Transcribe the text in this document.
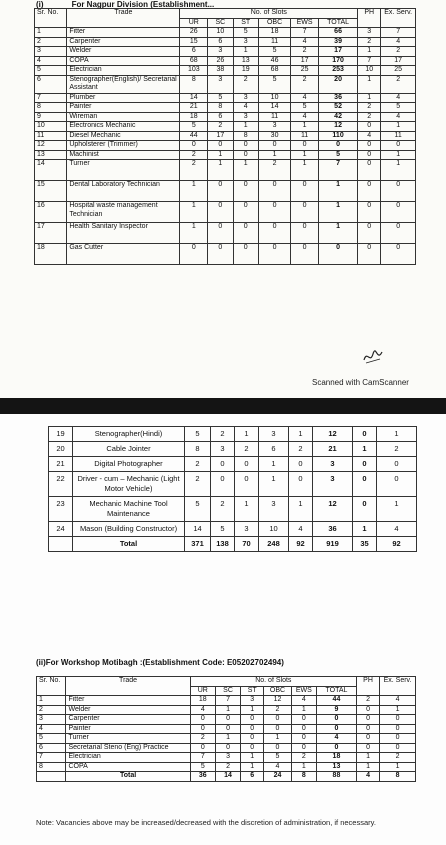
(i)	For Nagpur Division (Establishment...
Sr. No.	Trade	No. of Slots						PH	Ex. Serv.
		UR	SC	ST	OBC	EWS	TOTAL		
1	Fitter	26	10	5	18	7	66	3	7
2	Carpenter	15	6	3	11	4	39	2	4
3	Welder	6	3	1	5	2	17	1	2
4	COPA	68	26	13	46	17	170	7	17
5	Electrician	103	38	19	68	25	253	10	25
6	Stenographer(English)/ Secretarial Assistant	8	3	2	5	2	20	1	2
7	Plumber	14	5	3	10	4	36	1	4
8	Painter	21	8	4	14	5	52	2	5
9	Wireman	18	6	3	11	4	42	2	4
10	Electronics Mechanic	5	2	1	3	1	12	0	1
11	Diesel Mechanic	44	17	8	30	11	110	4	11
12	Upholsterer (Trimmer)	0	0	0	0	0	0	0	0
13	Machinist	2	1	0	1	1	5	0	1
14	Turner	2	1	1	2	1	7	0	1
15	Dental Laboratory Technician	1	0	0	0	0	1	0	0
16	Hospital waste management Technician	1	0	0	0	0	1	0	0
17	Health Sanitary Inspector	1	0	0	0	0	1	0	0
18	Gas Cutter	0	0	0	0	0	0	0	0
Scanned with CamScanner
19	Stenographer(Hindi)	5	2	1	3	1	12	0	1
20	Cable Jointer	8	3	2	6	2	21	1	2
21	Digital Photographer	2	0	0	1	0	3	0	0
22	Driver - cum – Mechanic (Light Motor Vehicle)	2	0	0	1	0	3	0	0
23	Mechanic Machine Tool Maintenance	5	2	1	3	1	12	0	1
24	Mason (Building Constructor)	14	5	3	10	4	36	1	4
	Total	371	138	70	248	92	919	35	92
(ii)For Workshop Motibagh :(Establishment Code: E05202702494)
Sr. No.	Trade	No. of Slots						PH	Ex. Serv.
		UR	SC	ST	OBC	EWS	TOTAL		
1	Fitter	18	7	3	12	4	44	2	4
2	Welder	4	1	1	2	1	9	0	1
3	Carpenter	0	0	0	0	0	0	0	0
4	Painter	0	0	0	0	0	0	0	0
5	Turner	2	1	0	1	0	4	0	0
6	Secretarial Steno (Eng) Practice	0	0	0	0	0	0	0	0
7	Electrician	7	3	1	5	2	18	1	2
8	COPA	5	2	1	4	1	13	1	1
	Total	36	14	6	24	8	88	4	8
Note: Vacancies above may be increased/decreased with the discretion of administration, if necessary.
